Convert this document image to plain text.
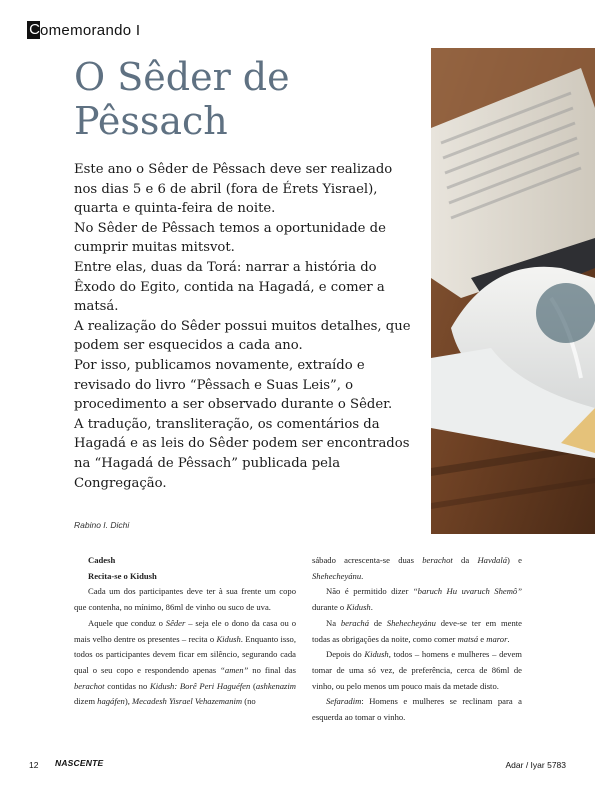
C omemorando I
O Sêder de Pêssach

Este ano o Sêder de Pêssach deve ser realizado nos dias 5 e 6 de abril (fora de Érets Yisrael), quarta e quinta-feira de noite.

No Sêder de Pêssach temos a oportunidade de cumprir muitas mitsvot.

Entre elas, duas da Torá: narrar a história do Êxodo do Egito, contida na Hagadá, e comer a matsá.

A realização do Sêder possui muitos detalhes, que podem ser esquecidos a cada ano.

Por isso, publicamos novamente, extraído e revisado do livro “Pêssach e Suas Leis”, o procedimento a ser observado durante o Sêder.

A tradução, transliteração, os comentários da Hagadá e as leis do Sêder podem ser encontrados na “Hagadá de Pêssach” publicada pela Congregação.

Rabino I. Dichi

Cadesh

Recita-se o Kidush

Cada um dos participantes deve ter à sua frente um copo que contenha, no mínimo, 86ml de vinho ou suco de uva.

Aquele que conduz o Sêder – seja ele o dono da casa ou o mais velho dentre os presentes – recita o Kidush. Enquanto isso, todos os participantes devem ficar em silêncio, segurando cada qual o seu copo e respondendo apenas “amen” no final das berachot contidas no Kidush: Borê Peri Haguéfen (ashkenazim dizem hagáfen), Mecadesh Yisrael Vehazemanim (no

sábado acrescenta-se duas berachot da Havdalá) e Shehecheyánu.

Não é permitido dizer “baruch Hu uvaruch Shemô” durante o Kidush.

Na berachá de Shehecheyánu deve-se ter em mente todas as obrigações da noite, como comer matsá e maror.

Depois do Kidush, todos – homens e mulheres – devem tomar de uma só vez, de preferência, cerca de 86ml de vinho, ou pelo menos um pouco mais da metade disto.

Sefaradim: Homens e mulheres se reclinam para a esquerda ao tomar o vinho.

12 NASCENTE	Adar / Iyar 5783
